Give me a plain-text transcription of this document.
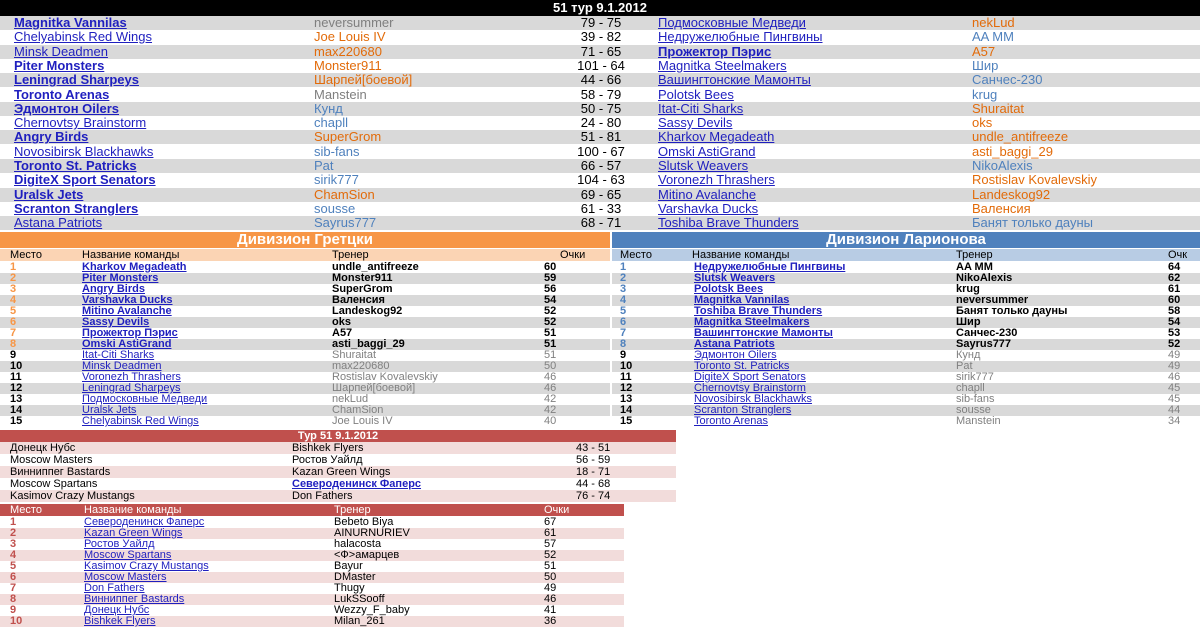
51 тур 9.1.2012
Magnitka Vannilas	neversummer	79 - 75	Подмосковные Медведи	nekLud
Chelyabinsk Red Wings	Joe Louis IV	39 - 82	Недружелюбные Пингвины	AA MM
Minsk Deadmen	max220680	71 - 65	Прожектор Пэрис	A57
Piter Monsters	Monster911	101 - 64	Magnitka Steelmakers	Шир
Leningrad Sharpeys	Шарпей[боевой]	44 - 66	Вашингтонские Мамонты	Санчес-230
Toronto Arenas	Manstein	58 - 79	Polotsk Bees	krug
Эдмонтон Oilers	Кунд	50 - 75	Itat-Citi Sharks	Shuraitat
Chernovtsy Brainstorm	chapll	24 - 80	Sassy Devils	oks
Angry Birds	SuperGrom	51 - 81	Kharkov Megadeath	undle_antifreeze
Novosibirsk Blackhawks	sib-fans	100 - 67	Omski AstiGrand	asti_baggi_29
Toronto St. Patricks	Pat	66 - 57	Slutsk Weavers	NikoAlexis
DigiteX Sport Senators	sirik777	104 - 63	Voronezh Thrashers	Rostislav Kovalevskiy
Uralsk Jets	ChamSion	69 - 65	Mitino Avalanche	Landeskog92
Scranton Stranglers	sousse	61 - 33	Varshavka Ducks	Валенсия
Astana Patriots	Sayrus777	68 - 71	Toshiba Brave Thunders	Банят только дауны
Дивизион Гретцки
Место	Название команды	Тренер	Очки
1	Kharkov Megadeath	undle_antifreeze	60
2	Piter Monsters	Monster911	59
3	Angry Birds	SuperGrom	56
4	Varshavka Ducks	Валенсия	54
5	Mitino Avalanche	Landeskog92	52
6	Sassy Devils	oks	52
7	Прожектор Пэрис	A57	51
8	Omski AstiGrand	asti_baggi_29	51
9	Itat-Citi Sharks	Shuraitat	51
10	Minsk Deadmen	max220680	50
11	Voronezh Thrashers	Rostislav Kovalevskiy	46
12	Leningrad Sharpeys	Шарпей[боевой]	46
13	Подмосковные Медведи	nekLud	42
14	Uralsk Jets	ChamSion	42
15	Chelyabinsk Red Wings	Joe Louis IV	40
Дивизион Ларионова
Место	Название команды	Тренер	Очк
1	Недружелюбные Пингвины	AA MM	64
2	Slutsk Weavers	NikoAlexis	62
3	Polotsk Bees	krug	61
4	Magnitka Vannilas	neversummer	60
5	Toshiba Brave Thunders	Банят только дауны	58
6	Magnitka Steelmakers	Шир	54
7	Вашингтонские Мамонты	Санчес-230	53
8	Astana Patriots	Sayrus777	52
9	Эдмонтон Oilers	Кунд	49
10	Toronto St. Patricks	Pat	49
11	DigiteX Sport Senators	sirik777	46
12	Chernovtsy Brainstorm	chapll	45
13	Novosibirsk Blackhawks	sib-fans	45
14	Scranton Stranglers	sousse	44
15	Toronto Arenas	Manstein	34
Тур 51 9.1.2012
Донецк Нубс	Bishkek Flyers	43 - 51
Moscow Masters	Ростов Уайлд	56 - 59
Винниппег Bastards	Kazan Green Wings	18 - 71
Moscow Spartans	Североденинск Фаперс	44 - 68
Kasimov Crazy Mustangs	Don Fathers	76 - 74
Место	Название команды	Тренер	Очки
1	Североденинск Фаперс	Bebeto Biya	67
2	Kazan Green Wings	AINURNURIEV	61
3	Ростов Уайлд	halacosta	57
4	Moscow Spartans	<Ф>амарцев	52
5	Kasimov Crazy Mustangs	Bayur	51
6	Moscow Masters	DMaster	50
7	Don Fathers	Thugy	49
8	Винниппег Bastards	LukSSooff	46
9	Донецк Нубс	Wezzy_F_baby	41
10	Bishkek Flyers	Milan_261	36
